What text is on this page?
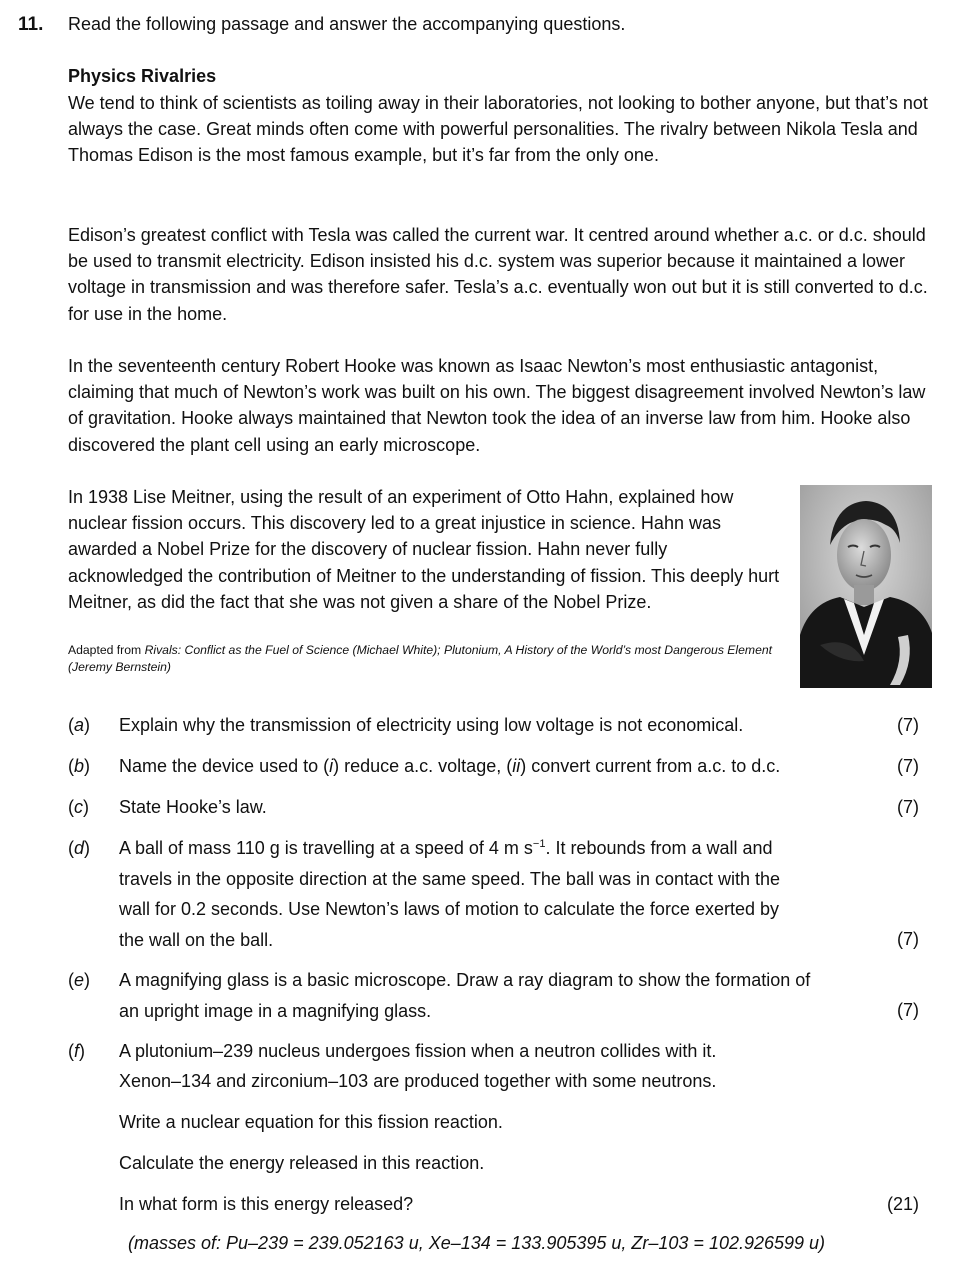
11. Read the following passage and answer the accompanying questions.
Physics Rivalries

We tend to think of scientists as toiling away in their laboratories, not looking to bother anyone, but that’s not always the case. Great minds often come with powerful personalities. The rivalry between Nikola Tesla and Thomas Edison is the most famous example, but it’s far from the only one.

Edison’s greatest conflict with Tesla was called the current war. It centred around whether a.c. or d.c. should be used to transmit electricity. Edison insisted his d.c. system was superior because it maintained a lower voltage in transmission and was therefore safer. Tesla’s a.c. eventually won out but it is still converted to d.c. for use in the home.

In the seventeenth century Robert Hooke was known as Isaac Newton’s most enthusiastic antagonist, claiming that much of Newton’s work was built on his own. The biggest disagreement involved Newton’s law of gravitation. Hooke always maintained that Newton took the idea of an inverse law from him. Hooke also discovered the plant cell using an early microscope.

In 1938 Lise Meitner, using the result of an experiment of Otto Hahn, explained how nuclear fission occurs. This discovery led to a great injustice in science. Hahn was awarded a Nobel Prize for the discovery of nuclear fission. Hahn never fully acknowledged the contribution of Meitner to the understanding of fission. This deeply hurt Meitner, as did the fact that she was not given a share of the Nobel Prize.

Adapted from Rivals: Conflict as the Fuel of Science (Michael White); Plutonium, A History of the World’s most Dangerous Element (Jeremy Bernstein)
(a) Explain why the transmission of electricity using low voltage is not economical.	(7)
(b) Name the device used to (i) reduce a.c. voltage, (ii) convert current from a.c. to d.c.	(7)
(c) State Hooke’s law.	(7)
(d) A ball of mass 110 g is travelling at a speed of 4 m $s^{-1}$. It rebounds from a wall and
travels in the opposite direction at the same speed. The ball was in contact with the
wall for 0.2 seconds. Use Newton’s laws of motion to calculate the force exerted by
the wall on the ball.	(7)
(e) A magnifying glass is a basic microscope. Draw a ray diagram to show the formation of
an upright image in a magnifying glass.	(7)
(f) A plutonium–239 nucleus undergoes fission when a neutron collides with it.
Xenon–134 and zirconium–103 are produced together with some neutrons.
Write a nuclear equation for this fission reaction.
Calculate the energy released in this reaction.
In what form is this energy released?	(21)
(masses of: Pu–239 = 239.052163 u, Xe–134 = 133.905395 u, Zr–103 = 102.926599 u)
